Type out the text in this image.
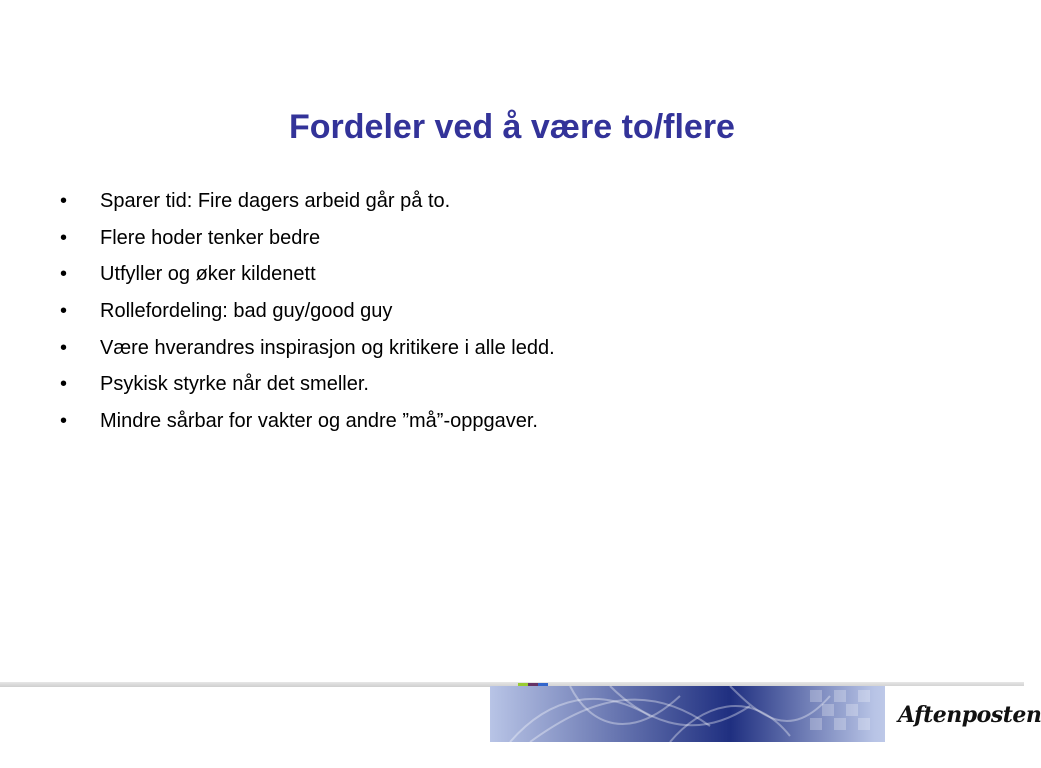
Fordeler ved å være to/flere
• Sparer tid: Fire dagers arbeid går på to.
• Flere hoder tenker bedre
• Utfyller og øker kildenett
• Rollefordeling: bad guy/good guy
• Være hverandres inspirasjon og kritikere i alle ledd.
• Psykisk styrke når det smeller.
• Mindre sårbar for vakter og andre ”må”-oppgaver.
Aftenposten
